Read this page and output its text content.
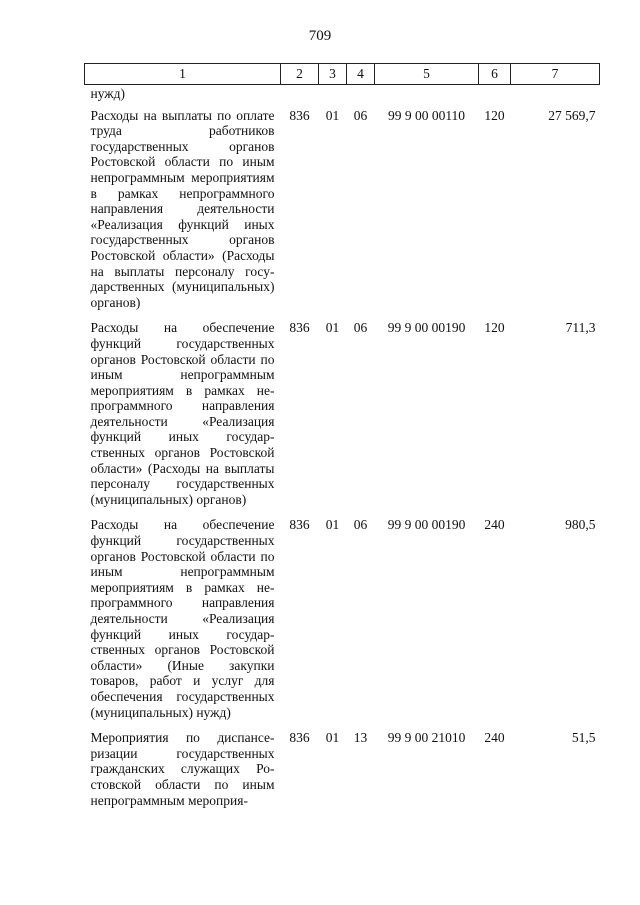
709
1	2	3	4	5	6	7
нужд)						
Расходы на выплаты по оплате труда работников государственных органов Ростовской области по иным непрограммным мероприятиям в рамках непрограммного направления деятельности «Реализация функций иных государственных органов Ростовской области» (Расходы на выплаты персоналу государственных (муниципальных) органов)	836	01	06	99 9 00 00110	120	27 569,7
Расходы на обеспечение функций государственных органов Ростовской области по иным непрограммным мероприятиям в рамках непрограммного направления деятельности «Реализация функций иных государственных органов Ростовской области» (Расходы на выплаты персоналу государственных (муниципальных) органов)	836	01	06	99 9 00 00190	120	711,3
Расходы на обеспечение функций государственных органов Ростовской области по иным непрограммным мероприятиям в рамках непрограммного направления деятельности «Реализация функций иных государственных органов Ростовской области» (Иные закупки товаров, работ и услуг для обеспечения государственных (муниципальных) нужд)	836	01	06	99 9 00 00190	240	980,5
Мероприятия по диспансеризации государственных гражданских служащих Ростовской области по иным непрограммным мероприя-	836	01	13	99 9 00 21010	240	51,5
